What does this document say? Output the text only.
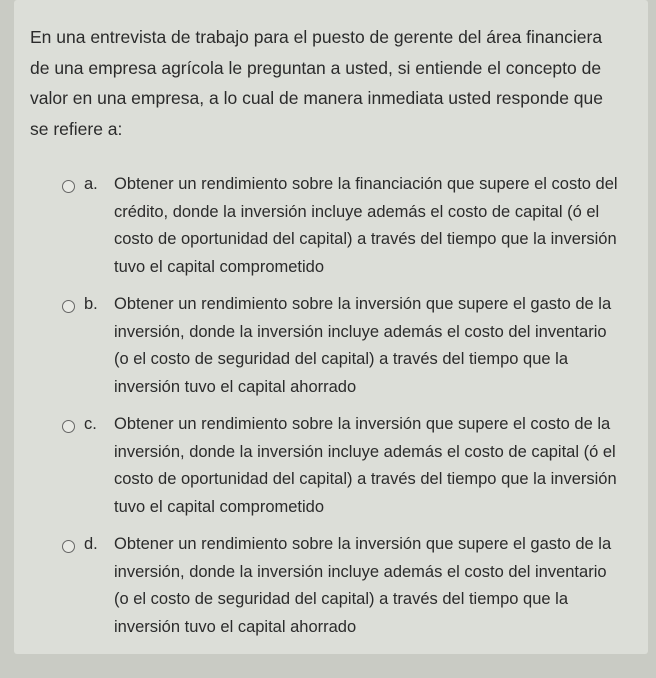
En una entrevista de trabajo para el puesto de gerente del área financiera de una empresa agrícola le preguntan a usted, si entiende el concepto de valor en una empresa, a lo cual de manera inmediata usted responde que se refiere a:

a. Obtener un rendimiento sobre la financiación que supere el costo del crédito, donde la inversión incluye además el costo de capital (ó el costo de oportunidad del capital) a través del tiempo que la inversión tuvo el capital comprometido
b. Obtener un rendimiento sobre la inversión que supere el gasto de la inversión, donde la inversión incluye además el costo del inventario (o el costo de seguridad del capital) a través del tiempo que la inversión tuvo el capital ahorrado
c. Obtener un rendimiento sobre la inversión que supere el costo de la inversión, donde la inversión incluye además el costo de capital (ó el costo de oportunidad del capital) a través del tiempo que la inversión tuvo el capital comprometido
d. Obtener un rendimiento sobre la inversión que supere el gasto de la inversión, donde la inversión incluye además el costo del inventario (o el costo de seguridad del capital) a través del tiempo que la inversión tuvo el capital ahorrado
